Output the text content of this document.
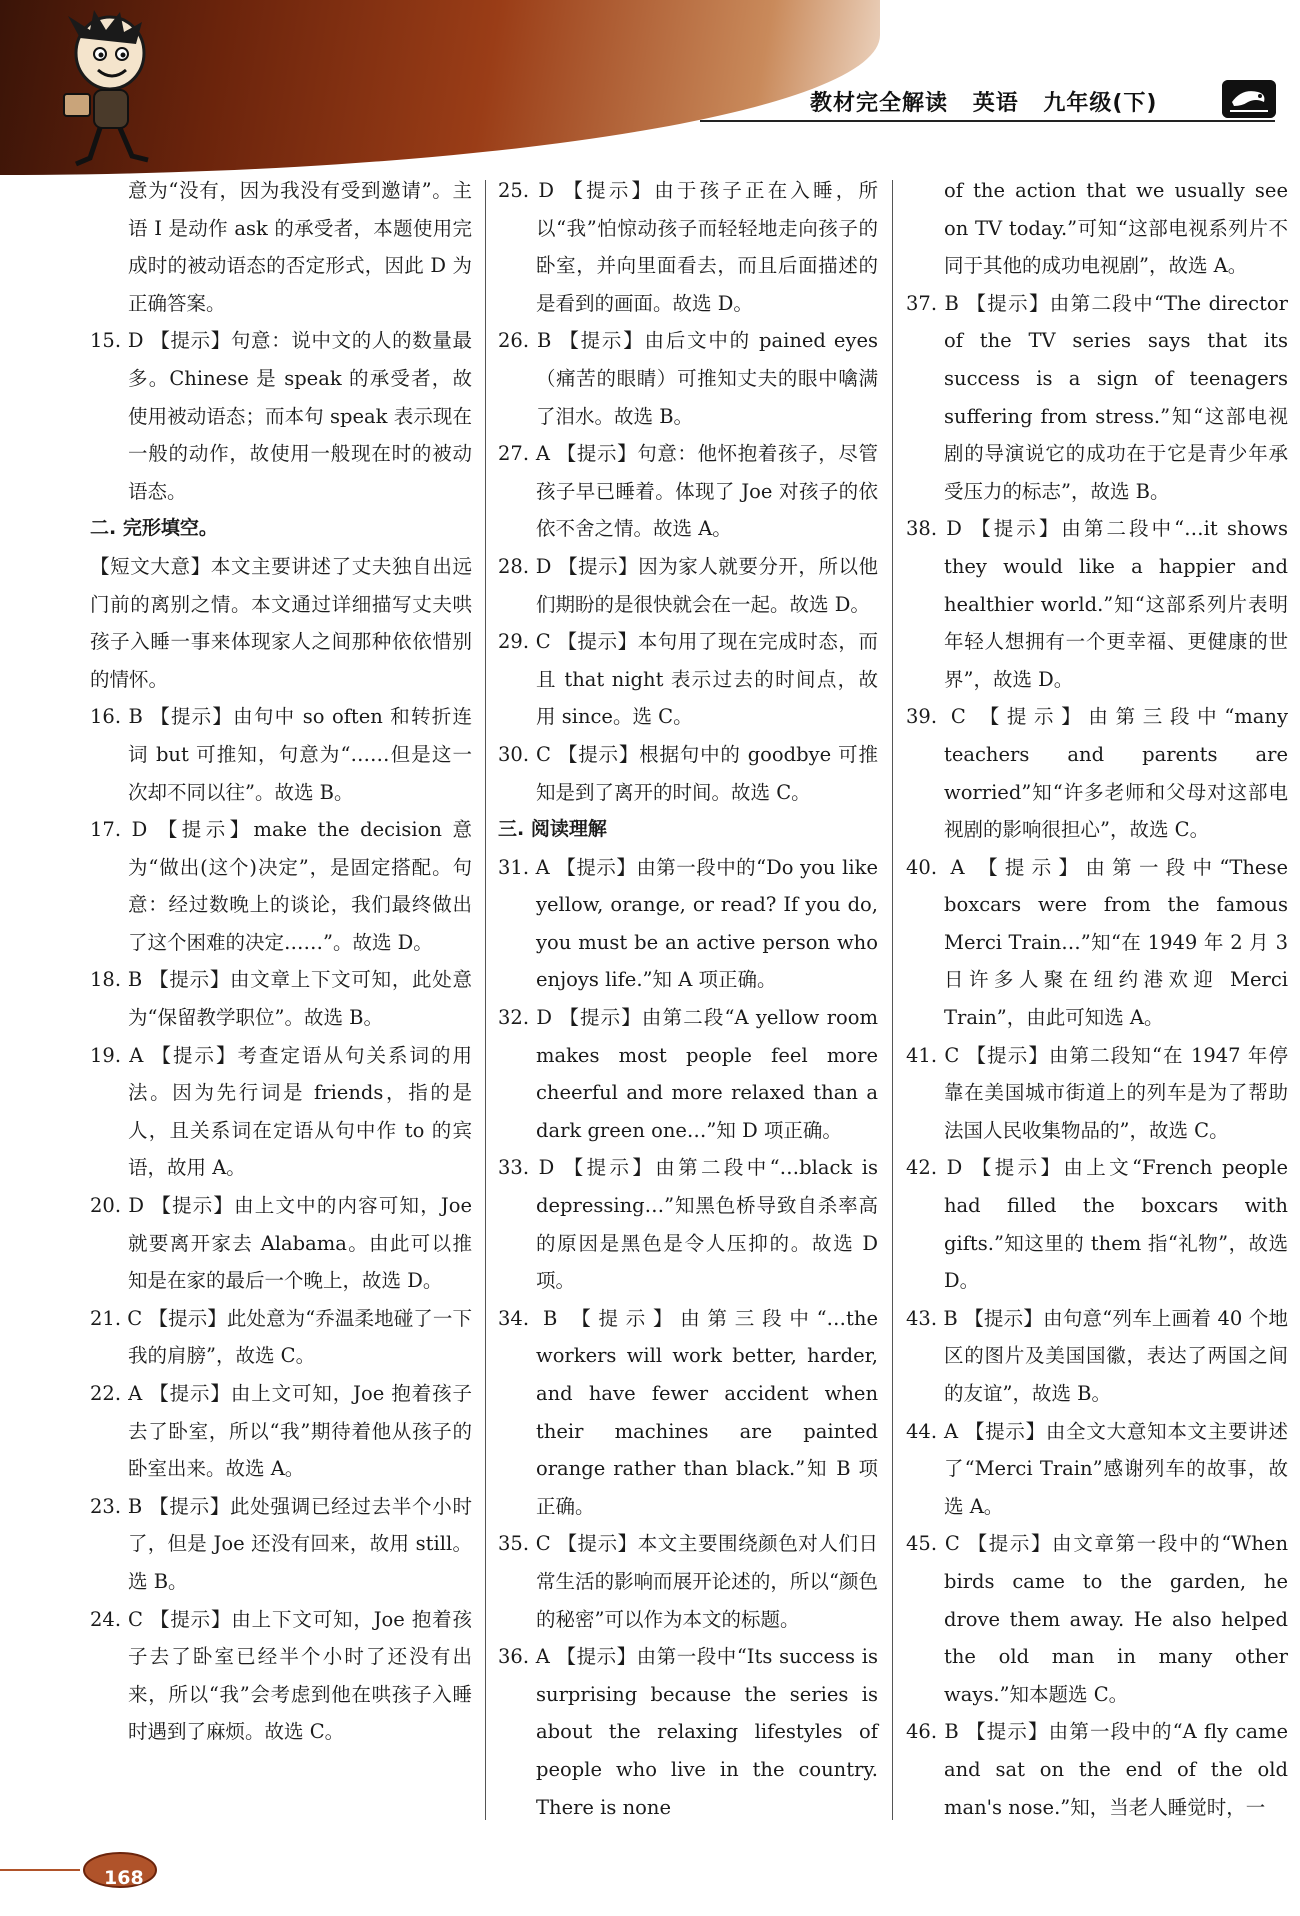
教材完全解读 英语 九年级(下)
意为“没有，因为我没有受到邀请”。主语 I 是动作 ask 的承受者，本题使用完成时的被动语态的否定形式，因此 D 为正确答案。
15. D 【提示】句意：说中文的人的数量最多。Chinese 是 speak 的承受者，故使用被动语态；而本句 speak 表示现在一般的动作，故使用一般现在时的被动语态。
二. 完形填空。
【短文大意】本文主要讲述了丈夫独自出远门前的离别之情。本文通过详细描写丈夫哄孩子入睡一事来体现家人之间那种依依惜别的情怀。
16. B 【提示】由句中 so often 和转折连词 but 可推知，句意为“……但是这一次却不同以往”。故选 B。
17. D 【提示】make the decision 意为“做出(这个)决定”，是固定搭配。句意：经过数晚上的谈论，我们最终做出了这个困难的决定……”。故选 D。
18. B 【提示】由文章上下文可知，此处意为“保留教学职位”。故选 B。
19. A 【提示】考查定语从句关系词的用法。因为先行词是 friends，指的是人，且关系词在定语从句中作 to 的宾语，故用 A。
20. D 【提示】由上文中的内容可知，Joe 就要离开家去 Alabama。由此可以推知是在家的最后一个晚上，故选 D。
21. C 【提示】此处意为“乔温柔地碰了一下我的肩膀”，故选 C。
22. A 【提示】由上文可知，Joe 抱着孩子去了卧室，所以“我”期待着他从孩子的卧室出来。故选 A。
23. B 【提示】此处强调已经过去半个小时了，但是 Joe 还没有回来，故用 still。选 B。
24. C 【提示】由上下文可知，Joe 抱着孩子去了卧室已经半个小时了还没有出来，所以“我”会考虑到他在哄孩子入睡时遇到了麻烦。故选 C。
25. D 【提示】由于孩子正在入睡，所以“我”怕惊动孩子而轻轻地走向孩子的卧室，并向里面看去，而且后面描述的是看到的画面。故选 D。
26. B 【提示】由后文中的 pained eyes（痛苦的眼睛）可推知丈夫的眼中噙满了泪水。故选 B。
27. A 【提示】句意：他怀抱着孩子，尽管孩子早已睡着。体现了 Joe 对孩子的依依不舍之情。故选 A。
28. D 【提示】因为家人就要分开，所以他们期盼的是很快就会在一起。故选 D。
29. C 【提示】本句用了现在完成时态，而且 that night 表示过去的时间点，故用 since。选 C。
30. C 【提示】根据句中的 goodbye 可推知是到了离开的时间。故选 C。
三. 阅读理解
31. A 【提示】由第一段中的“Do you like yellow, orange, or read? If you do, you must be an active person who enjoys life.”知 A 项正确。
32. D 【提示】由第二段“A yellow room makes most people feel more cheerful and more relaxed than a dark green one…”知 D 项正确。
33. D 【提示】由第二段中“…black is depressing…”知黑色桥导致自杀率高的原因是黑色是令人压抑的。故选 D 项。
34. B 【提示】由第三段中“…the workers will work better, harder, and have fewer accident when their machines are painted orange rather than black.”知 B 项正确。
35. C 【提示】本文主要围绕颜色对人们日常生活的影响而展开论述的，所以“颜色的秘密”可以作为本文的标题。
36. A 【提示】由第一段中“Its success is surprising because the series is about the relaxing lifestyles of people who live in the country. There is none
of the action that we usually see on TV today.”可知“这部电视系列片不同于其他的成功电视剧”，故选 A。
37. B 【提示】由第二段中“The director of the TV series says that its success is a sign of teenagers suffering from stress.”知“这部电视剧的导演说它的成功在于它是青少年承受压力的标志”，故选 B。
38. D 【提示】由第二段中“…it shows they would like a happier and healthier world.”知“这部系列片表明年轻人想拥有一个更幸福、更健康的世界”，故选 D。
39. C 【提示】由第三段中“many teachers and parents are worried”知“许多老师和父母对这部电视剧的影响很担心”，故选 C。
40. A 【提示】由第一段中“These boxcars were from the famous Merci Train…”知“在 1949 年 2 月 3 日许多人聚在纽约港欢迎 Merci Train”，由此可知选 A。
41. C 【提示】由第二段知“在 1947 年停靠在美国城市街道上的列车是为了帮助法国人民收集物品的”，故选 C。
42. D 【提示】由上文“French people had filled the boxcars with gifts.”知这里的 them 指“礼物”，故选 D。
43. B 【提示】由句意“列车上画着 40 个地区的图片及美国国徽，表达了两国之间的友谊”，故选 B。
44. A 【提示】由全文大意知本文主要讲述了“Merci Train”感谢列车的故事，故选 A。
45. C 【提示】由文章第一段中的“When birds came to the garden, he drove them away. He also helped the old man in many other ways.”知本题选 C。
46. B 【提示】由第一段中的“A fly came and sat on the end of the old man's nose.”知，当老人睡觉时，一
168
